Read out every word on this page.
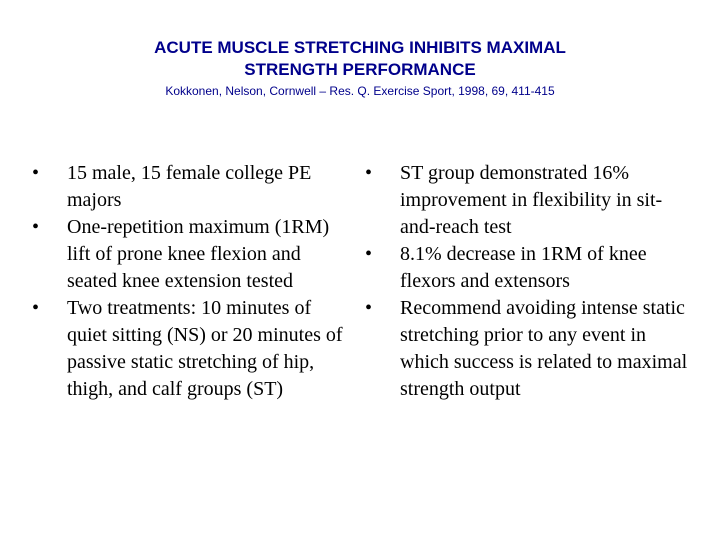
ACUTE MUSCLE STRETCHING INHIBITS MAXIMAL
STRENGTH PERFORMANCE

Kokkonen, Nelson, Cornwell – Res. Q. Exercise Sport, 1998, 69, 411-415

• 15 male, 15 female college PE majors
• One-repetition maximum (1RM) lift of prone knee flexion and seated knee extension tested
• Two treatments: 10 minutes of quiet sitting (NS) or 20 minutes of passive static stretching of hip, thigh, and calf groups (ST)
• ST group demonstrated 16% improvement in flexibility in sit-and-reach test
• 8.1% decrease in 1RM of knee flexors and extensors
• Recommend avoiding intense static stretching prior to any event in which success is related to maximal strength output
